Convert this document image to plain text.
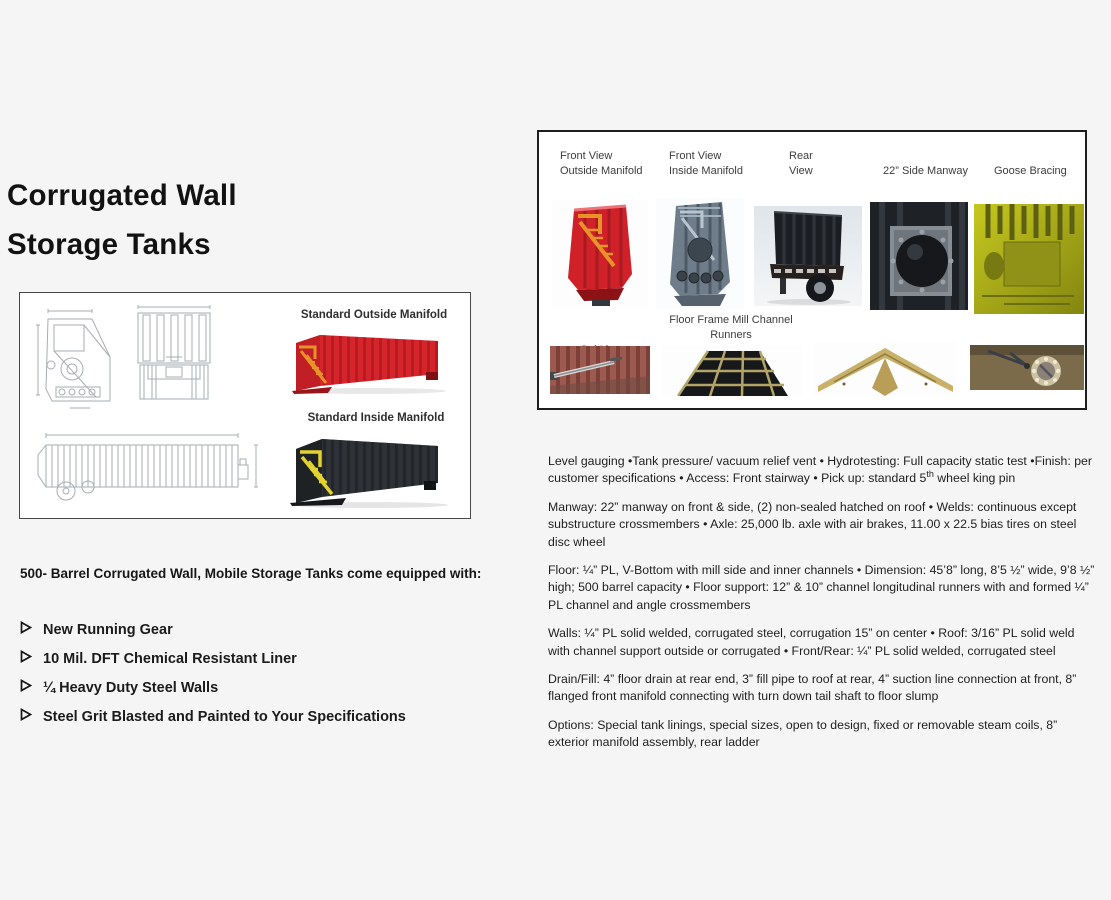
Corrugated Wall
Storage Tanks
Standard Outside Manifold
Standard Inside Manifold
500- Barrel Corrugated Wall, Mobile Storage Tanks come equipped with:
New Running Gear
10 Mil. DFT Chemical Resistant Liner
¼ Heavy Duty Steel Walls
Steel Grit Blasted and Painted to Your Specifications
Front View
Outside Manifold
Front View
Inside Manifold
Rear
View	22” Side Manway Goose Bracing
Floor Frame Mill Channel
Runners

Level gauging •Tank pressure/ vacuum relief vent • Hydrotesting: Full capacity static test •Finish: per customer specifications • Access: Front stairway • Pick up: standard 5th wheel king pin

Manway: 22” manway on front & side, (2) non-sealed hatched on roof • Welds: continuous except substructure crossmembers • Axle: 25,000 lb. axle with air brakes, 11.00 x 22.5 bias tires on steel disc wheel

Floor: ¼” PL, V-Bottom with mill side and inner channels • Dimension: 45’8” long, 8’5 ½” wide, 9’8 ½” high; 500 barrel capacity • Floor support: 12” & 10” channel longitudinal runners with and formed ¼” PL channel and angle crossmembers

Walls: ¼” PL solid welded, corrugated steel, corrugation 15” on center • Roof: 3/16” PL solid weld with channel support outside or corrugated • Front/Rear: ¼” PL solid welded, corrugated steel

Drain/Fill: 4” floor drain at rear end, 3” fill pipe to roof at rear, 4” suction line connection at front, 8” flanged front manifold connecting with turn down tail shaft to floor slump

Options: Special tank linings, special sizes, open to design, fixed or removable steam coils, 8” exterior manifold assembly, rear ladder
